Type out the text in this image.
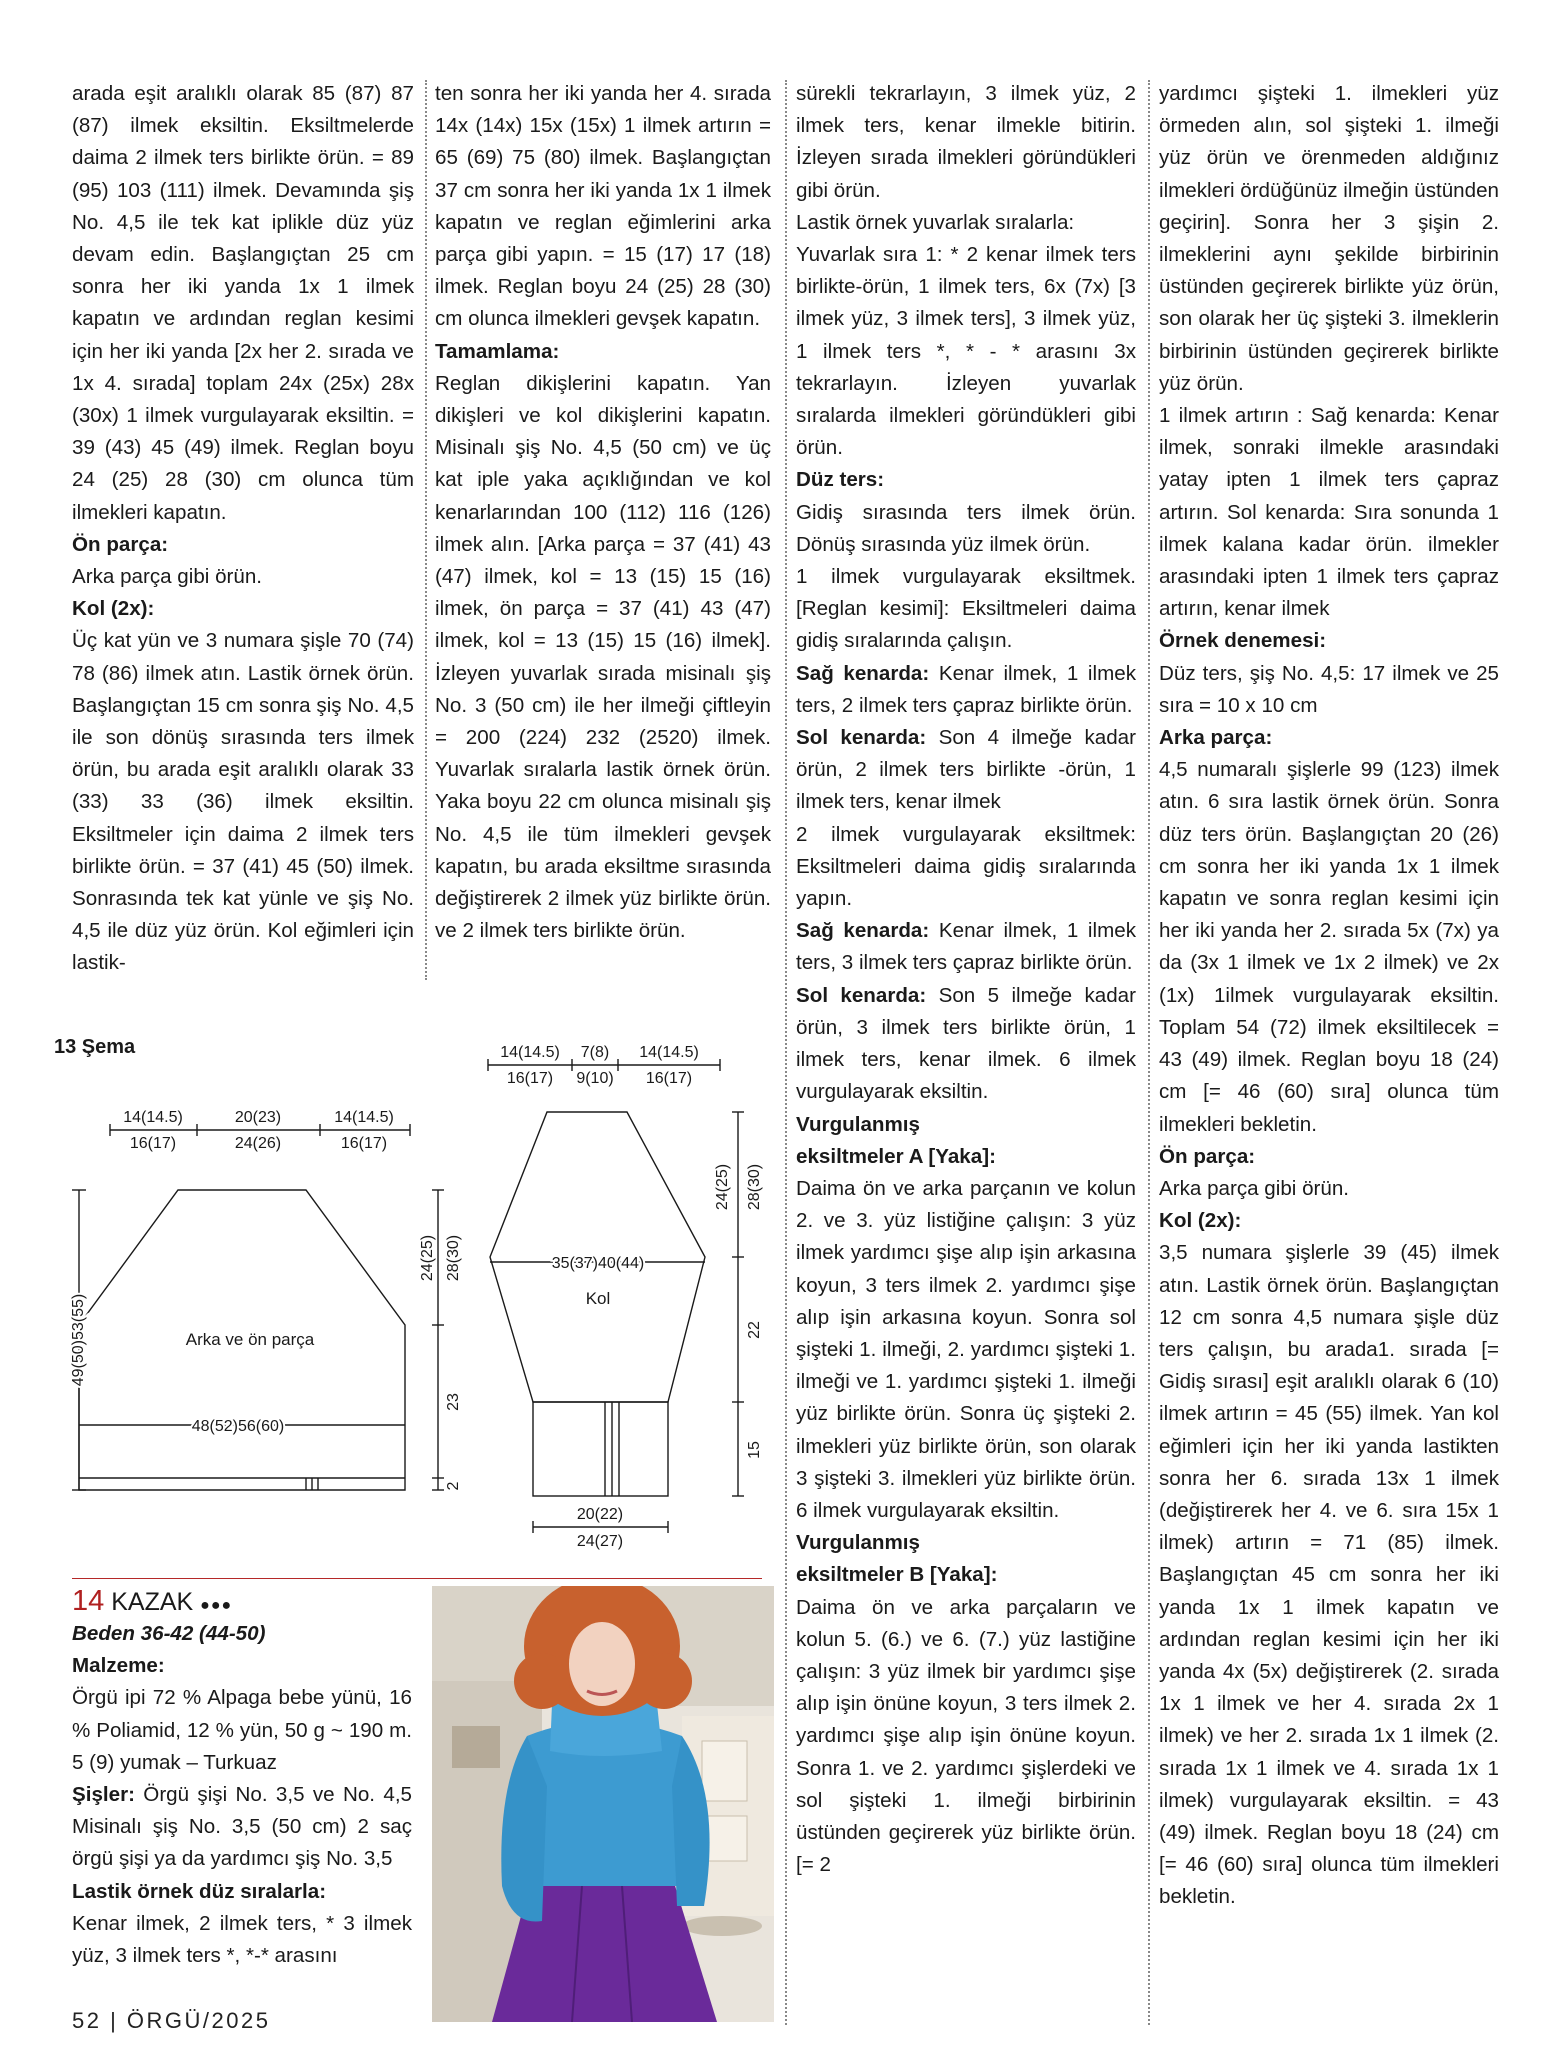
arada eşit aralıklı olarak 85 (87) 87 (87) ilmek eksiltin. Eksiltmelerde daima 2 ilmek ters birlikte örün. = 89 (95) 103 (111) ilmek. Devamında şiş No. 4,5 ile tek kat iplikle düz yüz devam edin. Başlangıçtan 25 cm sonra her iki yanda 1x 1 ilmek kapatın ve ardından reglan kesimi için her iki yanda [2x her 2. sırada ve 1x 4. sırada] toplam 24x (25x) 28x (30x) 1 ilmek vurgulayarak eksiltin. = 39 (43) 45 (49) ilmek. Reglan boyu 24 (25) 28 (30) cm olunca tüm ilmekleri kapatın.

Ön parça:

Arka parça gibi örün.

Kol (2x):

Üç kat yün ve 3 numara şişle 70 (74) 78 (86) ilmek atın. Lastik örnek örün. Başlangıçtan 15 cm sonra şiş No. 4,5 ile son dönüş sırasında ters ilmek örün, bu arada eşit aralıklı olarak 33 (33) 33 (36) ilmek eksiltin. Eksiltmeler için daima 2 ilmek ters birlikte örün. = 37 (41) 45 (50) ilmek. Sonrasında tek kat yünle ve şiş No. 4,5 ile düz yüz örün. Kol eğimleri için lastik-

ten sonra her iki yanda her 4. sırada 14x (14x) 15x (15x) 1 ilmek artırın = 65 (69) 75 (80) ilmek. Başlangıçtan 37 cm sonra her iki yanda 1x 1 ilmek kapatın ve reglan eğimlerini arka parça gibi yapın. = 15 (17) 17 (18) ilmek. Reglan boyu 24 (25) 28 (30) cm olunca ilmekleri gevşek kapatın.

Tamamlama:

Reglan dikişlerini kapatın. Yan dikişleri ve kol dikişlerini kapatın. Misinalı şiş No. 4,5 (50 cm) ve üç kat iple yaka açıklığından ve kol kenarlarından 100 (112) 116 (126) ilmek alın. [Arka parça = 37 (41) 43 (47) ilmek, kol = 13 (15) 15 (16) ilmek, ön parça = 37 (41) 43 (47) ilmek, kol = 13 (15) 15 (16) ilmek]. İzleyen yuvarlak sırada misinalı şiş No. 3 (50 cm) ile her ilmeği çiftleyin = 200 (224) 232 (2520) ilmek. Yuvarlak sıralarla lastik örnek örün. Yaka boyu 22 cm olunca misinalı şiş No. 4,5 ile tüm ilmekleri gevşek kapatın, bu arada eksiltme sırasında değiştirerek 2 ilmek yüz birlikte örün. ve 2 ilmek ters birlikte örün.

sürekli tekrarlayın, 3 ilmek yüz, 2 ilmek ters, kenar ilmekle bitirin. İzleyen sırada ilmekleri göründükleri gibi örün.

Lastik örnek yuvarlak sıralarla:

Yuvarlak sıra 1: * 2 kenar ilmek ters birlikte-örün, 1 ilmek ters, 6x (7x) [3 ilmek yüz, 3 ilmek ters], 3 ilmek yüz, 1 ilmek ters *, * - * arasını 3x tekrarlayın. İzleyen yuvarlak sıralarda ilmekleri göründükleri gibi örün.

Düz ters:

Gidiş sırasında ters ilmek örün. Dönüş sırasında yüz ilmek örün.

1 ilmek vurgulayarak eksiltmek. [Reglan kesimi]: Eksiltmeleri daima gidiş sıralarında çalışın.

Sağ kenarda: Kenar ilmek, 1 ilmek ters, 2 ilmek ters çapraz birlikte örün.

Sol kenarda: Son 4 ilmeğe kadar örün, 2 ilmek ters birlikte -örün, 1 ilmek ters, kenar ilmek

2 ilmek vurgulayarak eksiltmek: Eksiltmeleri daima gidiş sıralarında yapın.

Sağ kenarda: Kenar ilmek, 1 ilmek ters, 3 ilmek ters çapraz birlikte örün.

Sol kenarda: Son 5 ilmeğe kadar örün, 3 ilmek ters birlikte örün, 1 ilmek ters, kenar ilmek. 6 ilmek vurgulayarak eksiltin.

Vurgulanmış

eksiltmeler A [Yaka]:

Daima ön ve arka parçanın ve kolun 2. ve 3. yüz listiğine çalışın: 3 yüz ilmek yardımcı şişe alıp işin arkasına koyun, 3 ters ilmek 2. yardımcı şişe alıp işin arkasına koyun. Sonra sol şiştеki 1. ilmeği, 2. yardımcı şiştеki 1. ilmeği ve 1. yardımcı şiştеki 1. ilmeği yüz birlikte örün. Sonra üç şiştеki 2. ilmekleri yüz birlikte örün, son olarak 3 şiştеki 3. ilmekleri yüz birlikte örün. 6 ilmek vurgulayarak eksiltin.

Vurgulanmış

eksiltmeler B [Yaka]:

Daima ön ve arka parçaların ve kolun 5. (6.) ve 6. (7.) yüz lastiğine çalışın: 3 yüz ilmek bir yardımcı şişe alıp işin önüne koyun, 3 ters ilmek 2. yardımcı şişe alıp işin önüne koyun. Sonra 1. ve 2. yardımcı şişlerdeki ve sol şiştеki 1. ilmeği birbirinin üstünden geçirerek yüz birlikte örün. [= 2

yardımcı şiştеki 1. ilmekleri yüz örmeden alın, sol şiştеki 1. ilmeği yüz örün ve örenmeden aldığınız ilmekleri ördüğünüz ilmeğin üstünden geçirin]. Sonra her 3 şişin 2. ilmeklerini aynı şekilde birbirinin üstünden geçirerek birlikte yüz örün, son olarak her üç şişteki 3. ilmeklerin birbirinin üstünden geçirerek birlikte yüz örün.

1 ilmek artırın : Sağ kenarda: Kenar ilmek, sonraki ilmekle arasındaki yatay ipten 1 ilmek ters çapraz artırın. Sol kenarda: Sıra sonunda 1 ilmek kalana kadar örün. ilmekler arasındaki ipten 1 ilmek ters çapraz artırın, kenar ilmek

Örnek denemesi:

Düz ters, şiş No. 4,5: 17 ilmek ve 25 sıra = 10 x 10 cm

Arka parça:

4,5 numaralı şişlerle 99 (123) ilmek atın. 6 sıra lastik örnek örün. Sonra düz ters örün. Başlangıçtan 20 (26) cm sonra her iki yanda 1x 1 ilmek kapatın ve sonra reglan kesimi için her iki yanda her 2. sırada 5x (7x) ya da (3x 1 ilmek ve 1x 2 ilmek) ve 2x (1x) 1ilmek vurgulayarak eksiltin. Toplam 54 (72) ilmek eksiltilecek = 43 (49) ilmek. Reglan boyu 18 (24) cm [= 46 (60) sıra] olunca tüm ilmekleri bekletin.

Ön parça:

Arka parça gibi örün.

Kol (2x):

3,5 numara şişlerle 39 (45) ilmek atın. Lastik örnek örün. Başlangıçtan 12 cm sonra 4,5 numara şişle düz ters çalışın, bu arada1. sırada [= Gidiş sırası] eşit aralıklı olarak 6 (10) ilmek artırın = 45 (55) ilmek. Yan kol eğimleri için her iki yanda lastikten sonra her 6. sırada 13x 1 ilmek (değiştirerek her 4. ve 6. sıra 15x 1 ilmek) artırın = 71 (85) ilmek. Başlangıçtan 45 cm sonra her iki yanda 1x 1 ilmek kapatın ve ardından reglan kesimi için her iki yanda 4x (5x) değiştirerek (2. sırada 1x 1 ilmek ve her 4. sırada 2x 1 ilmek) ve her 2. sırada 1x 1 ilmek (2. sırada 1x 1 ilmek ve 4. sırada 1x 1 ilmek) vurgulayarak eksiltin. = 43 (49) ilmek. Reglan boyu 18 (24) cm [= 46 (60) sıra] olunca tüm ilmekleri bekletin.

13 Şema
14(14.5)
16(17)
20(23)
24(26)
14(14.5)
16(17)
Arka ve ön parça
48(52)56(60)
49(50)53(55)
24(25) 28(30)
23
2
14(14.5)
16(17)
7(8)
9(10)
14(14.5)
16(17)
35(37)40(44)
Kol
24(25) 28(30)
22
15
20(22)
24(27)
14 KAZAK ●●●

Beden 36-42 (44-50)

Malzeme:

Örgü ipi 72 % Alpaga bebe yünü, 16 % Poliamid, 12 % yün, 50 g ~ 190 m. 5 (9) yumak – Turkuaz

Şişler: Örgü şişi No. 3,5 ve No. 4,5 Misinalı şiş No. 3,5 (50 cm) 2 saç örgü şişi ya da yardımcı şiş No. 3,5

Lastik örnek düz sıralarla:

Kenar ilmek, 2 ilmek ters, * 3 ilmek yüz, 3 ilmek ters *, *-* arasını

52 | ÖRGÜ/2025
